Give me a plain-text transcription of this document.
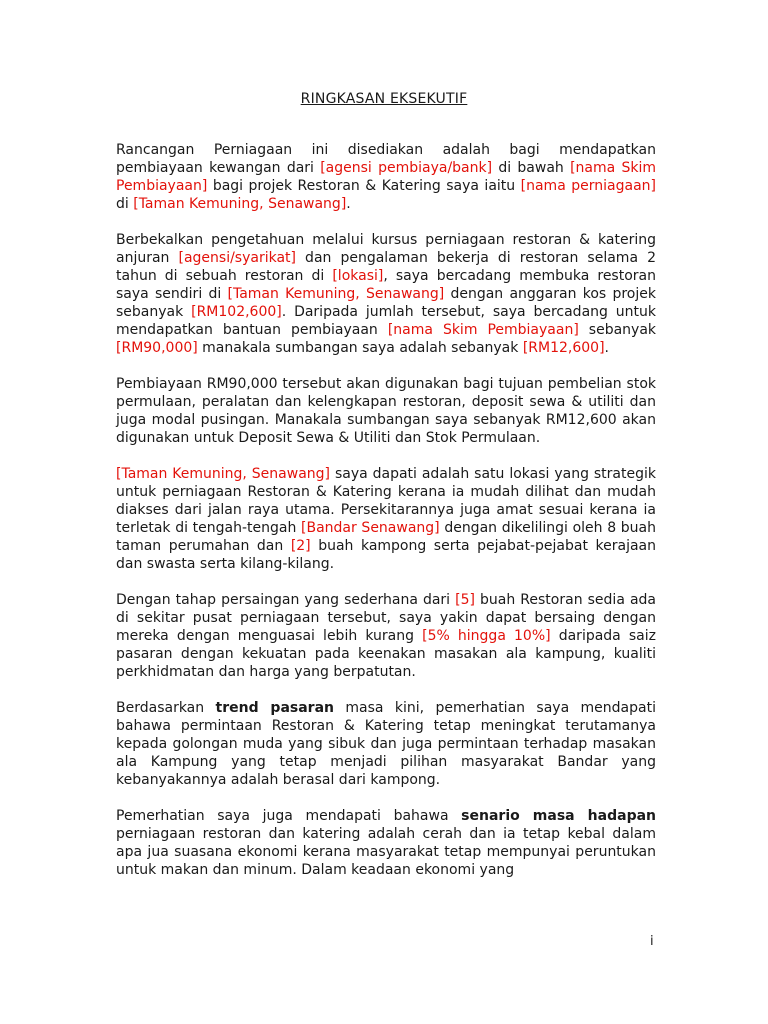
RINGKASAN EKSEKUTIF

Rancangan Perniagaan ini disediakan adalah bagi mendapatkan pembiayaan kewangan dari [agensi pembiaya/bank] di bawah [nama Skim Pembiayaan] bagi projek Restoran & Katering saya iaitu [nama perniagaan] di [Taman Kemuning, Senawang].

Berbekalkan pengetahuan melalui kursus perniagaan restoran & katering anjuran [agensi/syarikat] dan pengalaman bekerja di restoran selama 2 tahun di sebuah restoran di [lokasi], saya bercadang membuka restoran saya sendiri di [Taman Kemuning, Senawang] dengan anggaran kos projek sebanyak [RM102,600]. Daripada jumlah tersebut, saya bercadang untuk mendapatkan bantuan pembiayaan [nama Skim Pembiayaan] sebanyak [RM90,000] manakala sumbangan saya adalah sebanyak [RM12,600].

Pembiayaan RM90,000 tersebut akan digunakan bagi tujuan pembelian stok permulaan, peralatan dan kelengkapan restoran, deposit sewa & utiliti dan juga modal pusingan. Manakala sumbangan saya sebanyak RM12,600 akan digunakan untuk Deposit Sewa & Utiliti dan Stok Permulaan.

[Taman Kemuning, Senawang] saya dapati adalah satu lokasi yang strategik untuk perniagaan Restoran & Katering kerana ia mudah dilihat dan mudah diakses dari jalan raya utama. Persekitarannya juga amat sesuai kerana ia terletak di tengah-tengah [Bandar Senawang] dengan dikelilingi oleh 8 buah taman perumahan dan [2] buah kampong serta pejabat-pejabat kerajaan dan swasta serta kilang-kilang.

Dengan tahap persaingan yang sederhana dari [5] buah Restoran sedia ada di sekitar pusat perniagaan tersebut, saya yakin dapat bersaing dengan mereka dengan menguasai lebih kurang [5% hingga 10%] daripada saiz pasaran dengan kekuatan pada keenakan masakan ala kampung, kualiti perkhidmatan dan harga yang berpatutan.

Berdasarkan trend pasaran masa kini, pemerhatian saya mendapati bahawa permintaan Restoran & Katering tetap meningkat terutamanya kepada golongan muda yang sibuk dan juga permintaan terhadap masakan ala Kampung yang tetap menjadi pilihan masyarakat Bandar yang kebanyakannya adalah berasal dari kampong.

Pemerhatian saya juga mendapati bahawa senario masa hadapan perniagaan restoran dan katering adalah cerah dan ia tetap kebal dalam apa jua suasana ekonomi kerana masyarakat tetap mempunyai peruntukan untuk makan dan minum. Dalam keadaan ekonomi yang

i
